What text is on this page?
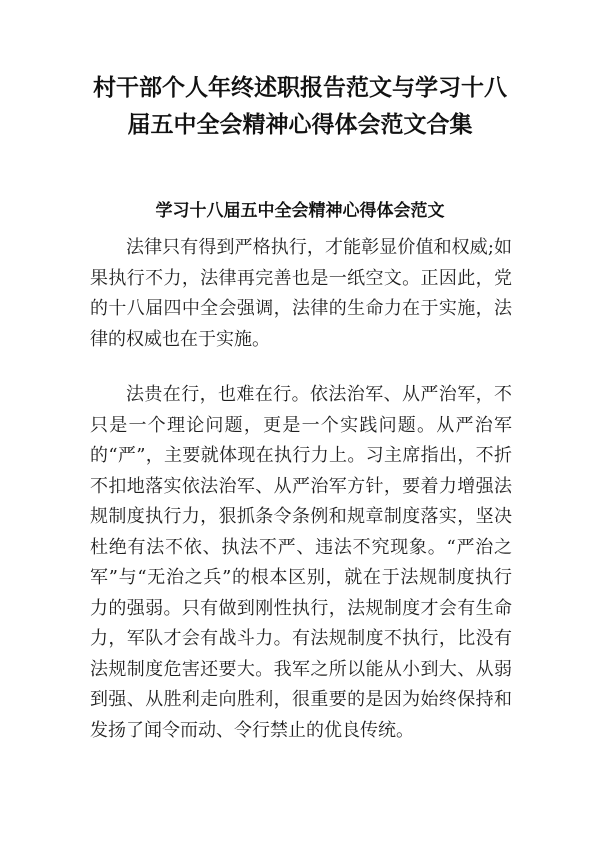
村干部个人年终述职报告范文与学习十八届五中全会精神心得体会范文合集
学习十八届五中全会精神心得体会范文

法律只有得到严格执行，才能彰显价值和权威;如果执行不力，法律再完善也是一纸空文。正因此，党的十八届四中全会强调，法律的生命力在于实施，法律的权威也在于实施。

法贵在行，也难在行。依法治军、从严治军，不只是一个理论问题，更是一个实践问题。从严治军的“严”，主要就体现在执行力上。习主席指出，不折不扣地落实依法治军、从严治军方针，要着力增强法规制度执行力，狠抓条令条例和规章制度落实，坚决杜绝有法不依、执法不严、违法不究现象。“严治之军”与“无治之兵”的根本区别，就在于法规制度执行力的强弱。只有做到刚性执行，法规制度才会有生命力，军队才会有战斗力。有法规制度不执行，比没有法规制度危害还要大。我军之所以能从小到大、从弱到强、从胜利走向胜利，很重要的是因为始终保持和发扬了闻令而动、令行禁止的优良传统。
